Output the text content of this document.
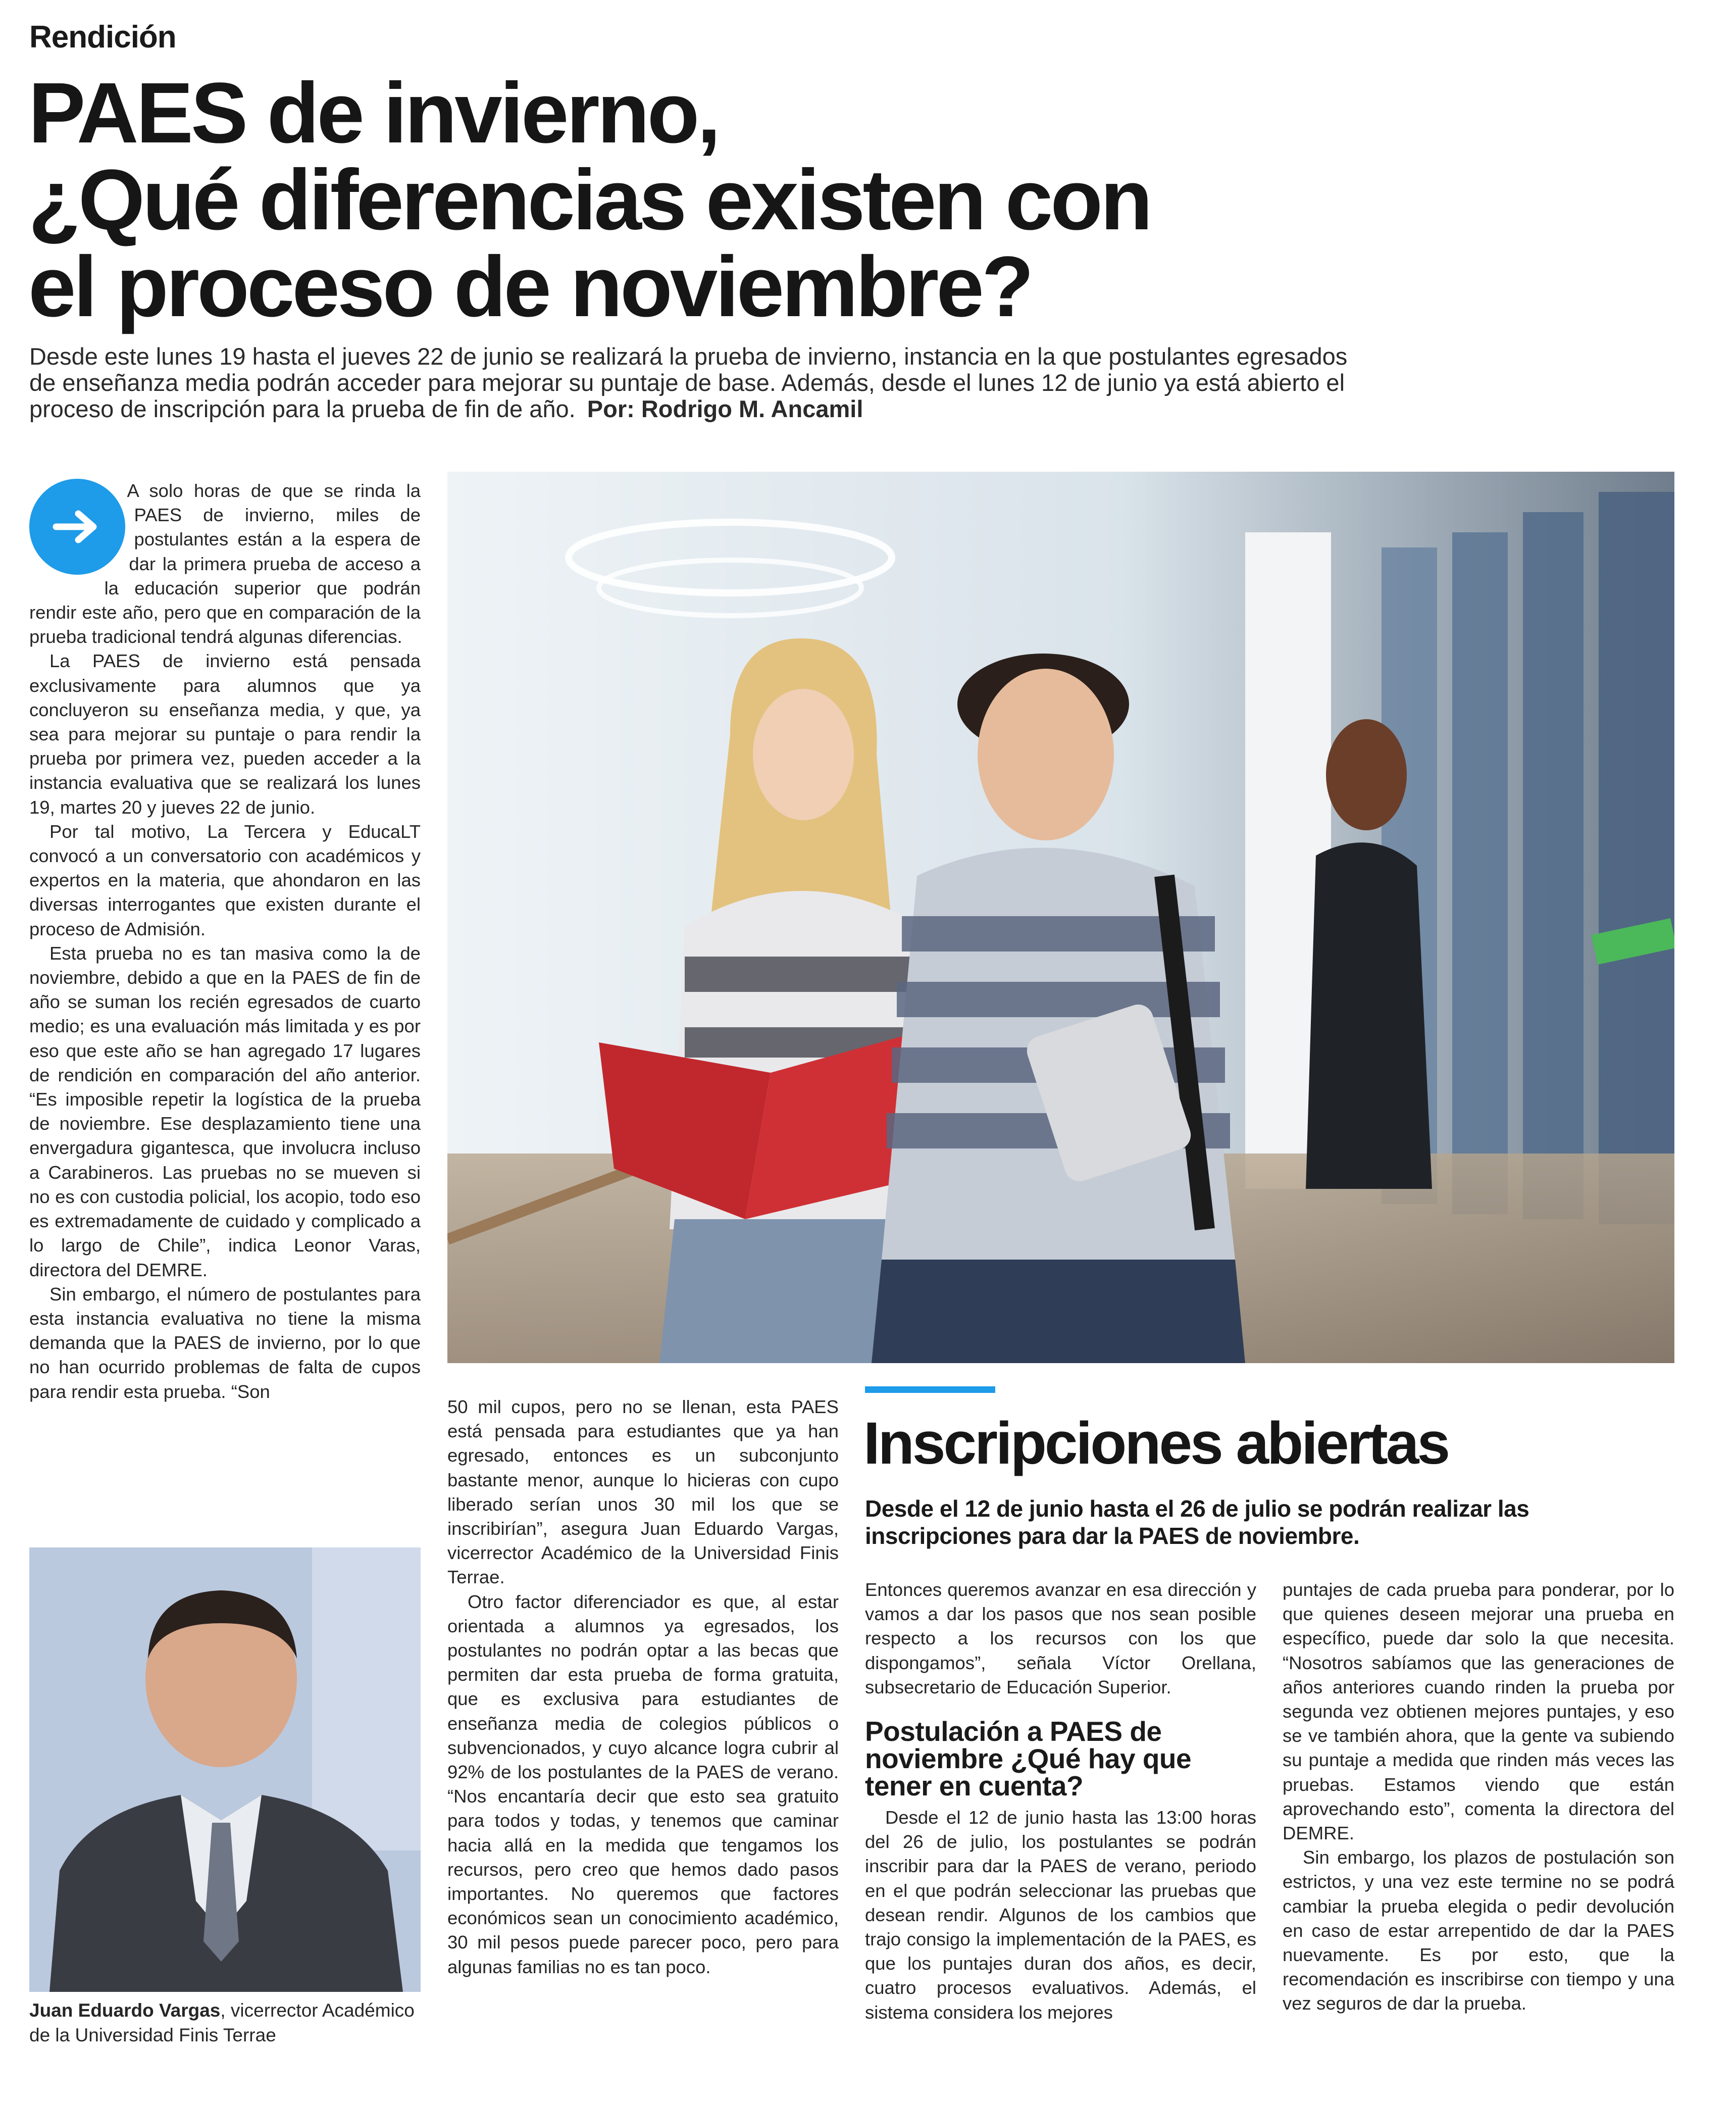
Rendición
PAES de invierno,
¿Qué diferencias existen con
el proceso de noviembre?

Desde este lunes 19 hasta el jueves 22 de junio se realizará la prueba de invierno, instancia en la que postulantes egresados de enseñanza media podrán acceder para mejorar su puntaje de base. Además, desde el lunes 12 de junio ya está abierto el proceso de inscripción para la prueba de fin de año. Por: Rodrigo M. Ancamil

A solo horas de que se rinda la PAES de invierno, miles de postulantes están a la espera de dar la primera prueba de acceso a la educación superior que podrán rendir este año, pero que en comparación de la prueba tradicional tendrá algunas diferencias.

La PAES de invierno está pensada exclusivamente para alumnos que ya concluyeron su enseñanza media, y que, ya sea para mejorar su puntaje o para rendir la prueba por primera vez, pueden acceder a la instancia evaluativa que se realizará los lunes 19, martes 20 y jueves 22 de junio.

Por tal motivo, La Tercera y EducaLT convocó a un conversatorio con académicos y expertos en la materia, que ahondaron en las diversas interrogantes que existen durante el proceso de Admisión.

Esta prueba no es tan masiva como la de noviembre, debido a que en la PAES de fin de año se suman los recién egresados de cuarto medio; es una evaluación más limitada y es por eso que este año se han agregado 17 lugares de rendición en comparación del año anterior. “Es imposible repetir la logística de la prueba de noviembre. Ese desplazamiento tiene una envergadura gigantesca, que involucra incluso a Carabineros. Las pruebas no se mueven si no es con custodia policial, los acopio, todo eso es extremadamente de cuidado y complicado a lo largo de Chile”, indica Leonor Varas, directora del DEMRE.

Sin embargo, el número de postulantes para esta instancia evaluativa no tiene la misma demanda que la PAES de invierno, por lo que no han ocurrido problemas de falta de cupos para rendir esta prueba. “Son

Juan Eduardo Vargas, vicerrector Académico de la Universidad Finis Terrae

50 mil cupos, pero no se llenan, esta PAES está pensada para estudiantes que ya han egresado, entonces es un subconjunto bastante menor, aunque lo hicieras con cupo liberado serían unos 30 mil los que se inscribirían”, asegura Juan Eduardo Vargas, vicerrector Académico de la Universidad Finis Terrae.

Otro factor diferenciador es que, al estar orientada a alumnos ya egresados, los postulantes no podrán optar a las becas que permiten dar esta prueba de forma gratuita, que es exclusiva para estudiantes de enseñanza media de colegios públicos o subvencionados, y cuyo alcance logra cubrir al 92% de los postulantes de la PAES de verano. “Nos encantaría decir que esto sea gratuito para todos y todas, y tenemos que caminar hacia allá en la medida que tengamos los recursos, pero creo que hemos dado pasos importantes. No queremos que factores económicos sean un conocimiento académico, 30 mil pesos puede parecer poco, pero para algunas familias no es tan poco.

Inscripciones abiertas

Desde el 12 de junio hasta el 26 de julio se podrán realizar las inscripciones para dar la PAES de noviembre.

Entonces queremos avanzar en esa dirección y vamos a dar los pasos que nos sean posible respecto a los recursos con los que dispongamos”, señala Víctor Orellana, subsecretario de Educación Superior.

Postulación a PAES de noviembre ¿Qué hay que tener en cuenta?

Desde el 12 de junio hasta las 13:00 horas del 26 de julio, los postulantes se podrán inscribir para dar la PAES de verano, periodo en el que podrán seleccionar las pruebas que desean rendir. Algunos de los cambios que trajo consigo la implementación de la PAES, es que los puntajes duran dos años, es decir, cuatro procesos evaluativos. Además, el sistema considera los mejores

puntajes de cada prueba para ponderar, por lo que quienes deseen mejorar una prueba en específico, puede dar solo la que necesita. “Nosotros sabíamos que las generaciones de años anteriores cuando rinden la prueba por segunda vez obtienen mejores puntajes, y eso se ve también ahora, que la gente va subiendo su puntaje a medida que rinden más veces las pruebas. Estamos viendo que están aprovechando esto”, comenta la directora del DEMRE.

Sin embargo, los plazos de postulación son estrictos, y una vez este termine no se podrá cambiar la prueba elegida o pedir devolución en caso de estar arrepentido de dar la PAES nuevamente. Es por esto, que la recomendación es inscribirse con tiempo y una vez seguros de dar la prueba.
